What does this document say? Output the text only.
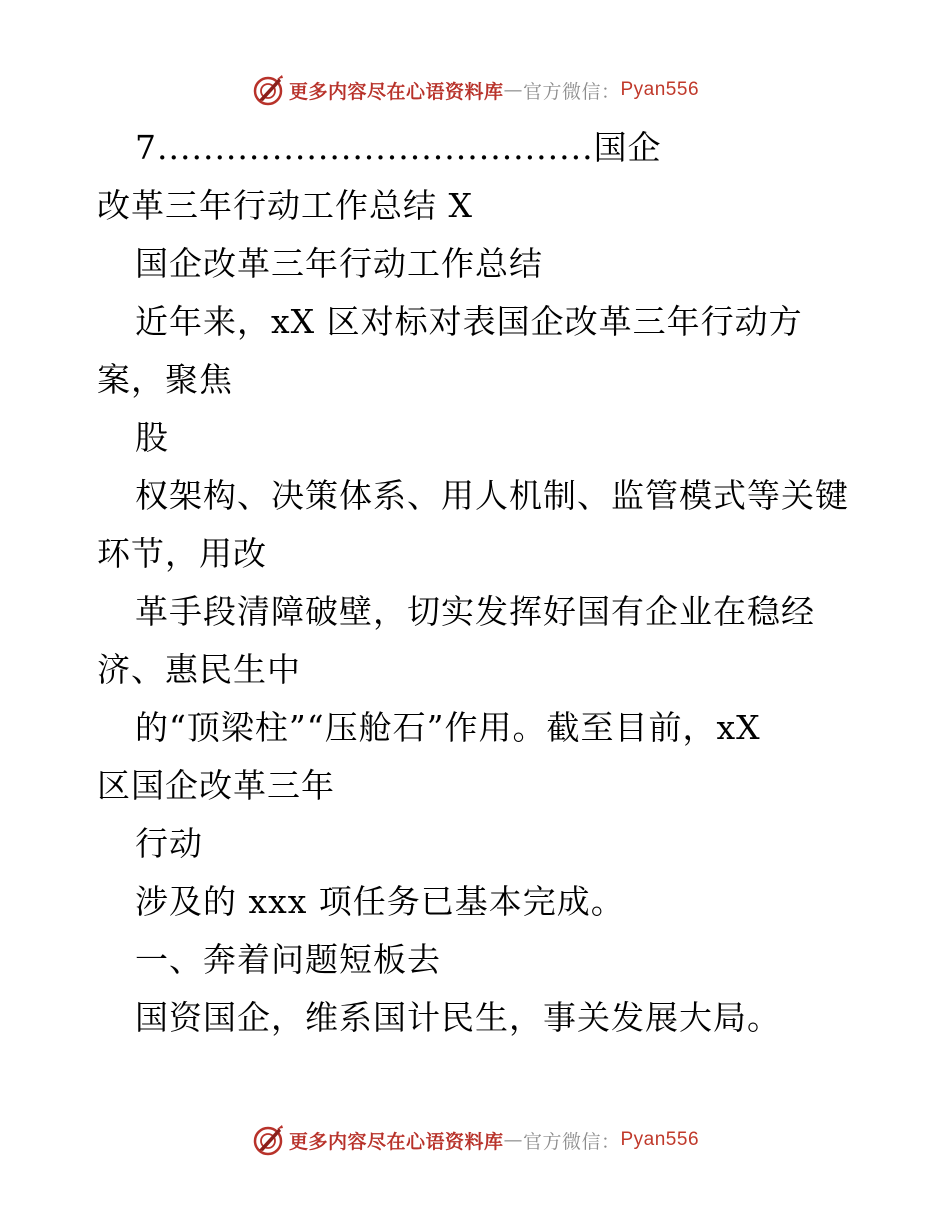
更多内容尽在心语资料库 — 官方微信： Pyan556
7......................................国企
改革三年行动工作总结 X
国企改革三年行动工作总结
近年来，xX 区对标对表国企改革三年行动方
案，聚焦
股
权架构、决策体系、用人机制、监管模式等关键
环节，用改
革手段清障破壁，切实发挥好国有企业在稳经
济、惠民生中
的“顶梁柱”“压舱石”作用。截至目前，xX
区国企改革三年
行动
涉及的 xxx 项任务已基本完成。
一、奔着问题短板去
国资国企，维系国计民生，事关发展大局。
更多内容尽在心语资料库 — 官方微信： Pyan556
